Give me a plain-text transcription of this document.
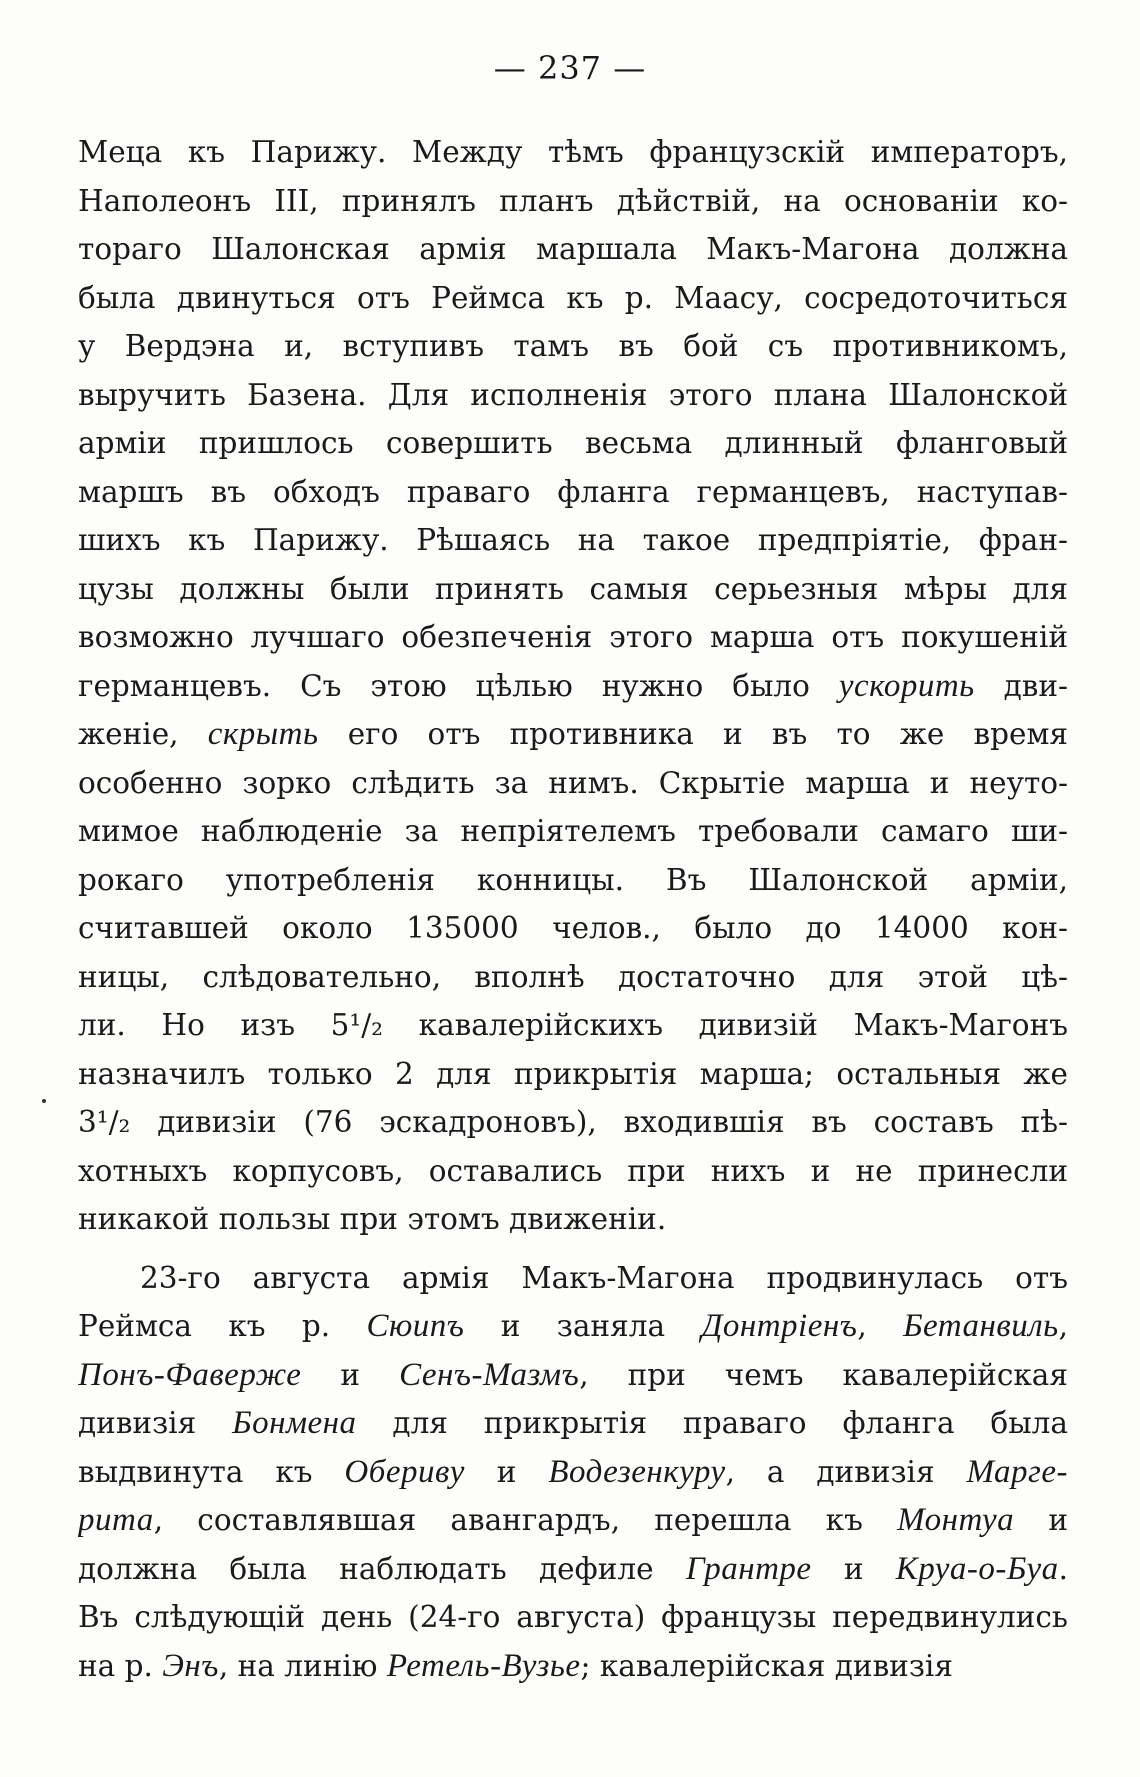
— 237 —
Меца къ Парижу. Между тѣмъ французскій императоръ,
Наполеонъ III, принялъ планъ дѣйствій, на основаніи ко-
тораго Шалонская армія маршала Макъ-Магона должна
была двинуться отъ Реймса къ р. Маасу, сосредоточиться
у Вердэна и, вступивъ тамъ въ бой съ противникомъ,
выручить Базена. Для исполненія этого плана Шалонской
арміи пришлось совершить весьма длинный фланговый
маршъ въ обходъ праваго фланга германцевъ, наступав-
шихъ къ Парижу. Рѣшаясь на такое предпріятіе, фран-
цузы должны были принять самыя серьезныя мѣры для
возможно лучшаго обезпеченія этого марша отъ покушеній
германцевъ. Съ этою цѣлью нужно было ускорить дви-
женіе, скрыть его отъ противника и въ то же время
особенно зорко слѣдить за нимъ. Скрытіе марша и неуто-
мимое наблюденіе за непріятелемъ требовали самаго ши-
рокаго употребленія конницы. Въ Шалонской арміи,
считавшей около 135000 челов., было до 14000 кон-
ницы, слѣдовательно, вполнѣ достаточно для этой цѣ-
ли. Но изъ 5¹/₂ кавалерійскихъ дивизій Макъ-Магонъ
назначилъ только 2 для прикрытія марша; остальныя же
3¹/₂ дивизіи (76 эскадроновъ), входившія въ составъ пѣ-
хотныхъ корпусовъ, оставались при нихъ и не принесли
никакой пользы при этомъ движеніи.
23-го августа армія Макъ-Магона продвинулась отъ
Реймса къ р. Сюипъ и заняла Донтріенъ, Бетанвиль,
Понъ-Фаверже и Сенъ-Мазмъ, при чемъ кавалерійская
дивизія Бонмена для прикрытія праваго фланга была
выдвинута къ Oбериву и Водезенкуру, а дивизія Марге-
рита, составлявшая авангардъ, перешла къ Монтуа и
должна была наблюдать дефиле Грантре и Круа-о-Буа.
Въ слѣдующій день (24-го августа) французы передвинулись
на р. Энъ, на линію Ретель-Вузье; кавалерійская дивизія
